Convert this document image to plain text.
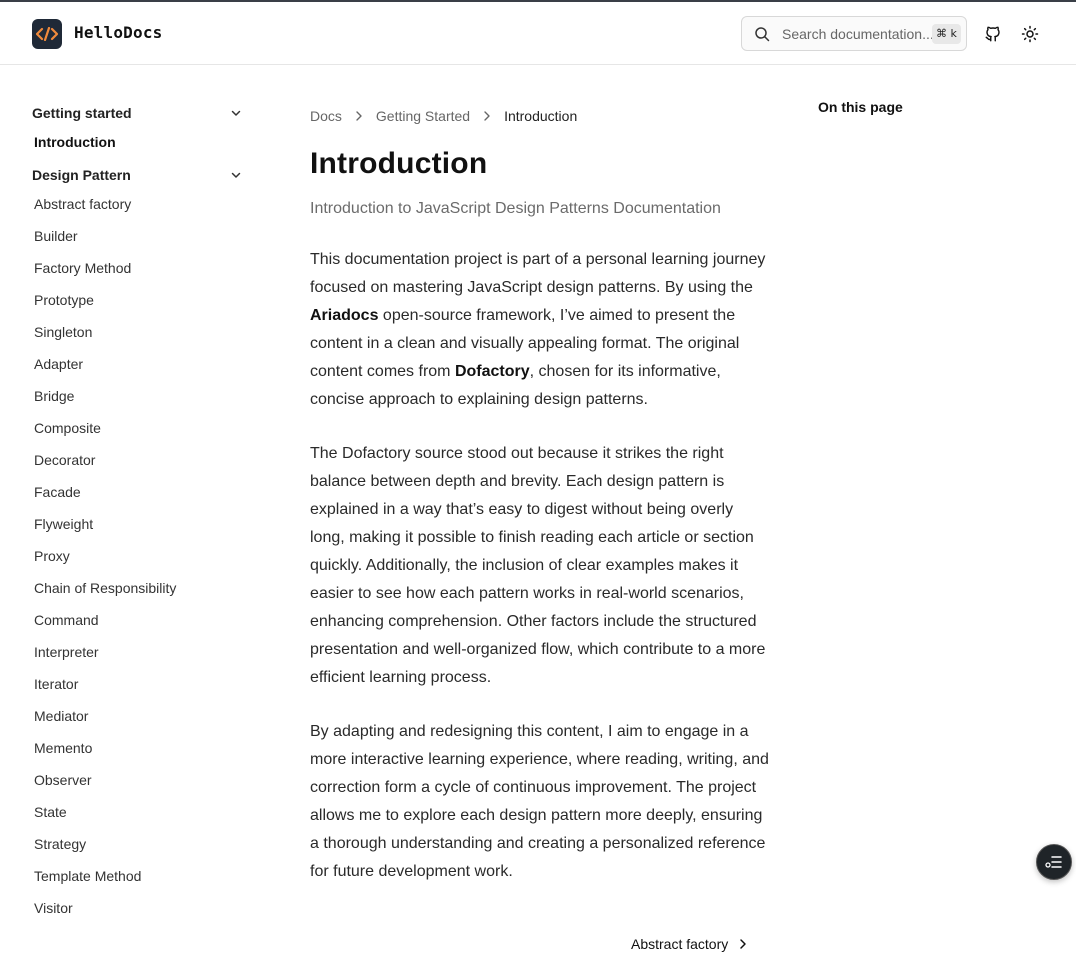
HelloDocs
Search documentation...	⌘ k
Getting started
Introduction
Design Pattern
Abstract factory
Builder
Factory Method
Prototype
Singleton
Adapter
Bridge
Composite
Decorator
Facade
Flyweight
Proxy
Chain of Responsibility
Command
Interpreter
Iterator
Mediator
Memento
Observer
State
Strategy
Template Method
Visitor
Docs Getting Started Introduction
Introduction
Introduction to JavaScript Design Patterns Documentation

This documentation project is part of a personal learning journey focused on mastering JavaScript design patterns. By using the Ariadocs open-source framework, I’ve aimed to present the content in a clean and visually appealing format. The original content comes from Dofactory, chosen for its informative, concise approach to explaining design patterns.

The Dofactory source stood out because it strikes the right balance between depth and brevity. Each design pattern is explained in a way that’s easy to digest without being overly long, making it possible to finish reading each article or section quickly. Additionally, the inclusion of clear examples makes it easier to see how each pattern works in real-world scenarios, enhancing comprehension. Other factors include the structured presentation and well-organized flow, which contribute to a more efficient learning process.

By adapting and redesigning this content, I aim to engage in a more interactive learning experience, where reading, writing, and correction form a cycle of continuous improvement. The project allows me to explore each design pattern more deeply, ensuring a thorough understanding and creating a personalized reference for future development work.

On this page
Abstract factory
